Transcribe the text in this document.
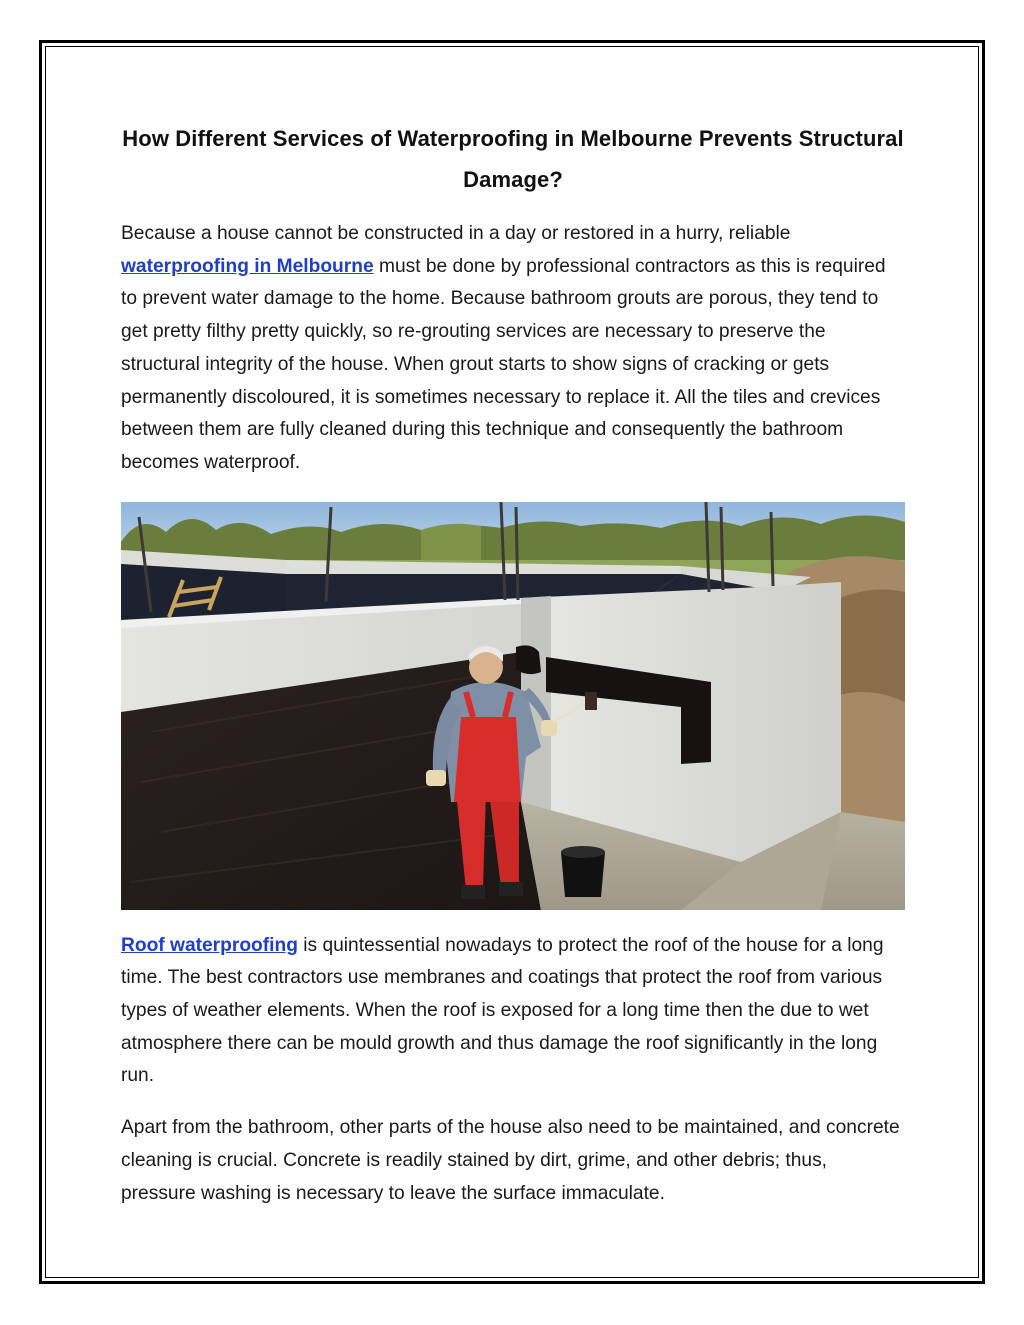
How Different Services of Waterproofing in Melbourne Prevents Structural Damage?

Because a house cannot be constructed in a day or restored in a hurry, reliable waterproofing in Melbourne must be done by professional contractors as this is required to prevent water damage to the home. Because bathroom grouts are porous, they tend to get pretty filthy pretty quickly, so re-grouting services are necessary to preserve the structural integrity of the house. When grout starts to show signs of cracking or gets permanently discoloured, it is sometimes necessary to replace it. All the tiles and crevices between them are fully cleaned during this technique and consequently the bathroom becomes waterproof.

Roof waterproofing is quintessential nowadays to protect the roof of the house for a long time. The best contractors use membranes and coatings that protect the roof from various types of weather elements. When the roof is exposed for a long time then the due to wet atmosphere there can be mould growth and thus damage the roof significantly in the long run.

Apart from the bathroom, other parts of the house also need to be maintained, and concrete cleaning is crucial. Concrete is readily stained by dirt, grime, and other debris; thus, pressure washing is necessary to leave the surface immaculate.
